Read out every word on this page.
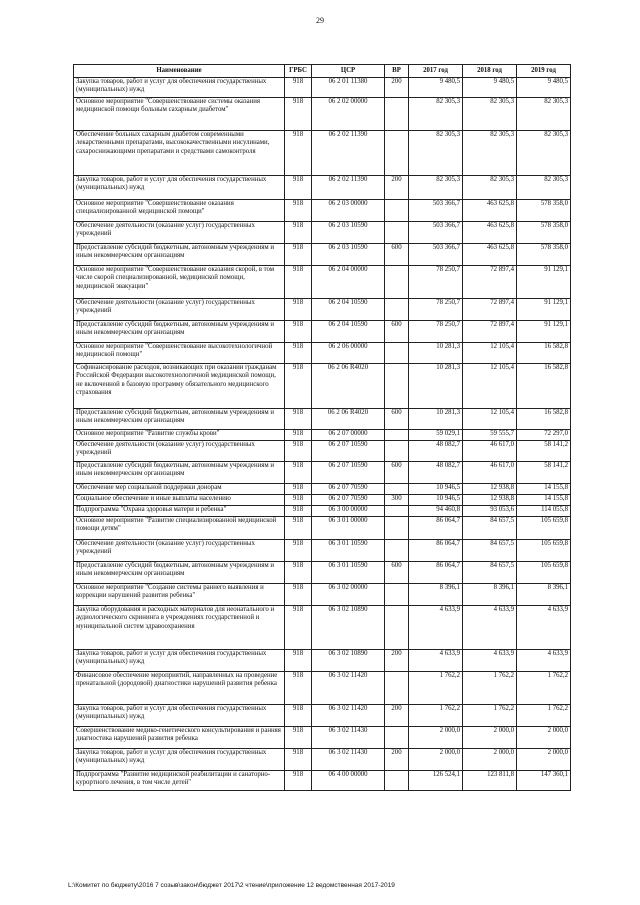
29
Наименование	ГРБС	ЦСР	ВР	2017 год	2018 год	2019 год
Закупка товаров, работ и услуг для обеспечения государственных (муниципальных) нужд	918	06 2 01 11380	200	9 480,5	9 480,5	9 480,5
Основное мероприятие "Совершенствование системы оказания медицинской помощи больным сахарным диабетом"	918	06 2 02 00000		82 305,3	82 305,3	82 305,3
Обеспечение больных сахарным диабетом современными лекарственными препаратами, высококачественными инсулинами, сахароснижающими препаратами и средствами самоконтроля	918	06 2 02 11390		82 305,3	82 305,3	82 305,3
Закупка товаров, работ и услуг для обеспечения государственных (муниципальных) нужд	918	06 2 02 11390	200	82 305,3	82 305,3	82 305,3
Основное мероприятие "Совершенствование оказания специализированной медицинской помощи"	918	06 2 03 00000		503 366,7	463 625,8	578 358,0
Обеспечение деятельности (оказание услуг) государственных учреждений	918	06 2 03 10590		503 366,7	463 625,8	578 358,0
Предоставление субсидий бюджетным, автономным учреждениям и иным некоммерческим организациям	918	06 2 03 10590	600	503 366,7	463 625,8	578 358,0
Основное мероприятие "Совершенствование оказания скорой, в том числе скорой специализированной, медицинской помощи, медицинской эвакуации"	918	06 2 04 00000		78 250,7	72 897,4	91 129,1
Обеспечение деятельности (оказание услуг) государственных учреждений	918	06 2 04 10590		78 250,7	72 897,4	91 129,1
Предоставление субсидий бюджетным, автономным учреждениям и иным некоммерческим организациям	918	06 2 04 10590	600	78 250,7	72 897,4	91 129,1
Основное мероприятие "Совершенствование высокотехнологичной медицинской помощи"	918	06 2 06 00000		10 281,3	12 105,4	16 582,8
Софинансирование расходов, возникающих при оказании гражданам Российской Федерации высокотехнологичной медицинской помощи, не включенной в базовую программу обязательного медицинского страхования	918	06 2 06 R4020		10 281,3	12 105,4	16 582,8
Предоставление субсидий бюджетным, автономным учреждениям и иным некоммерческим организациям	918	06 2 06 R4020	600	10 281,3	12 105,4	16 582,8
Основное мероприятие "Развитие службы крови"	918	06 2 07 00000		59 029,1	59 555,7	72 297,0
Обеспечение деятельности (оказание услуг) государственных учреждений	918	06 2 07 10590		48 082,7	46 617,0	58 141,2
Предоставление субсидий бюджетным, автономным учреждениям и иным некоммерческим организациям	918	06 2 07 10590	600	48 082,7	46 617,0	58 141,2
Обеспечение мер социальной поддержки донорам	918	06 2 07 70590		10 946,5	12 938,8	14 155,8
Социальное обеспечение и иные выплаты населению	918	06 2 07 70590	300	10 946,5	12 938,8	14 155,8
Подпрограмма "Охрана здоровья матери и ребенка"	918	06 3 00 00000		94 460,8	93 053,6	114 055,8
Основное мероприятие "Развитие специализированной медицинской помощи детям"	918	06 3 01 00000		86 064,7	84 657,5	105 659,8
Обеспечение деятельности (оказание услуг) государственных учреждений	918	06 3 01 10590		86 064,7	84 657,5	105 659,8
Предоставление субсидий бюджетным, автономным учреждениям и иным некоммерческим организациям	918	06 3 01 10590	600	86 064,7	84 657,5	105 659,8
Основное мероприятие "Создание системы раннего выявления и коррекции нарушений развития ребенка"	918	06 3 02 00000		8 396,1	8 396,1	8 396,1
Закупка оборудования и расходных материалов для неонатального и аудиологического скрининга в учреждениях государственной и муниципальной систем здравоохранения	918	06 3 02 10890		4 633,9	4 633,9	4 633,9
Закупка товаров, работ и услуг для обеспечения государственных (муниципальных) нужд	918	06 3 02 10890	200	4 633,9	4 633,9	4 633,9
Финансовое обеспечение мероприятий, направленных на проведение пренатальной (дородовой) диагностики нарушений развития ребенка	918	06 3 02 11420		1 762,2	1 762,2	1 762,2
Закупка товаров, работ и услуг для обеспечения государственных (муниципальных) нужд	918	06 3 02 11420	200	1 762,2	1 762,2	1 762,2
Совершенствование медико-генетического консультирования и ранняя диагностика нарушений развития ребенка	918	06 3 02 11430		2 000,0	2 000,0	2 000,0
Закупка товаров, работ и услуг для обеспечения государственных (муниципальных) нужд	918	06 3 02 11430	200	2 000,0	2 000,0	2 000,0
Подпрограмма "Развитие медицинской реабилитации и санаторно-курортного лечения, в том числе детей"	918	06 4 00 00000		126 524,1	123 811,8	147 360,1
L:\Комитет по бюджету\2016 7 созыв\закон\бюджет 2017\2 чтение\приложение 12 ведомственная 2017-2019
